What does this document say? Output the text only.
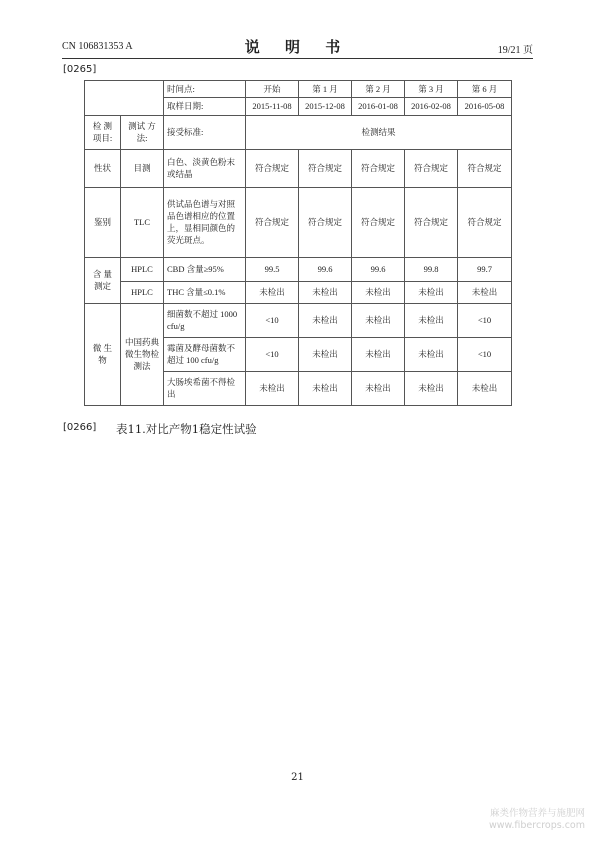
CN 106831353 A	说 明 书	19/21 页
[0265]
		时间点:	开始	第 1 月	第 2 月	第 3 月	第 6 月
		取样日期:	2015-11-08	2015-12-08	2016-01-08	2016-02-08	2016-05-08
检 测 项目:	测试 方法:	接受标准:	检测结果				
性状	目测	白色、淡黄色粉末或结晶	符合规定	符合规定	符合规定	符合规定	符合规定
鉴别	TLC	供试品色谱与对照品色谱相应的位置上，显相同颜色的荧光斑点。	符合规定	符合规定	符合规定	符合规定	符合规定
含 量 测定	HPLC	CBD 含量≥95%	99.5	99.6	99.6	99.8	99.7
	HPLC	THC 含量≤0.1%	未检出	未检出	未检出	未检出	未检出
微 生 物	中国药典微生物检测法	细菌数不超过 1000 cfu/g	<10	未检出	未检出	未检出	<10
		霉菌及酵母菌数不超过 100 cfu/g	<10	未检出	未检出	未检出	<10
		大肠埃希菌不得检出	未检出	未检出	未检出	未检出	未检出
[0266] 表11.对比产物1稳定性试验
21
麻类作物营养与施肥网
www.fibercrops.com
